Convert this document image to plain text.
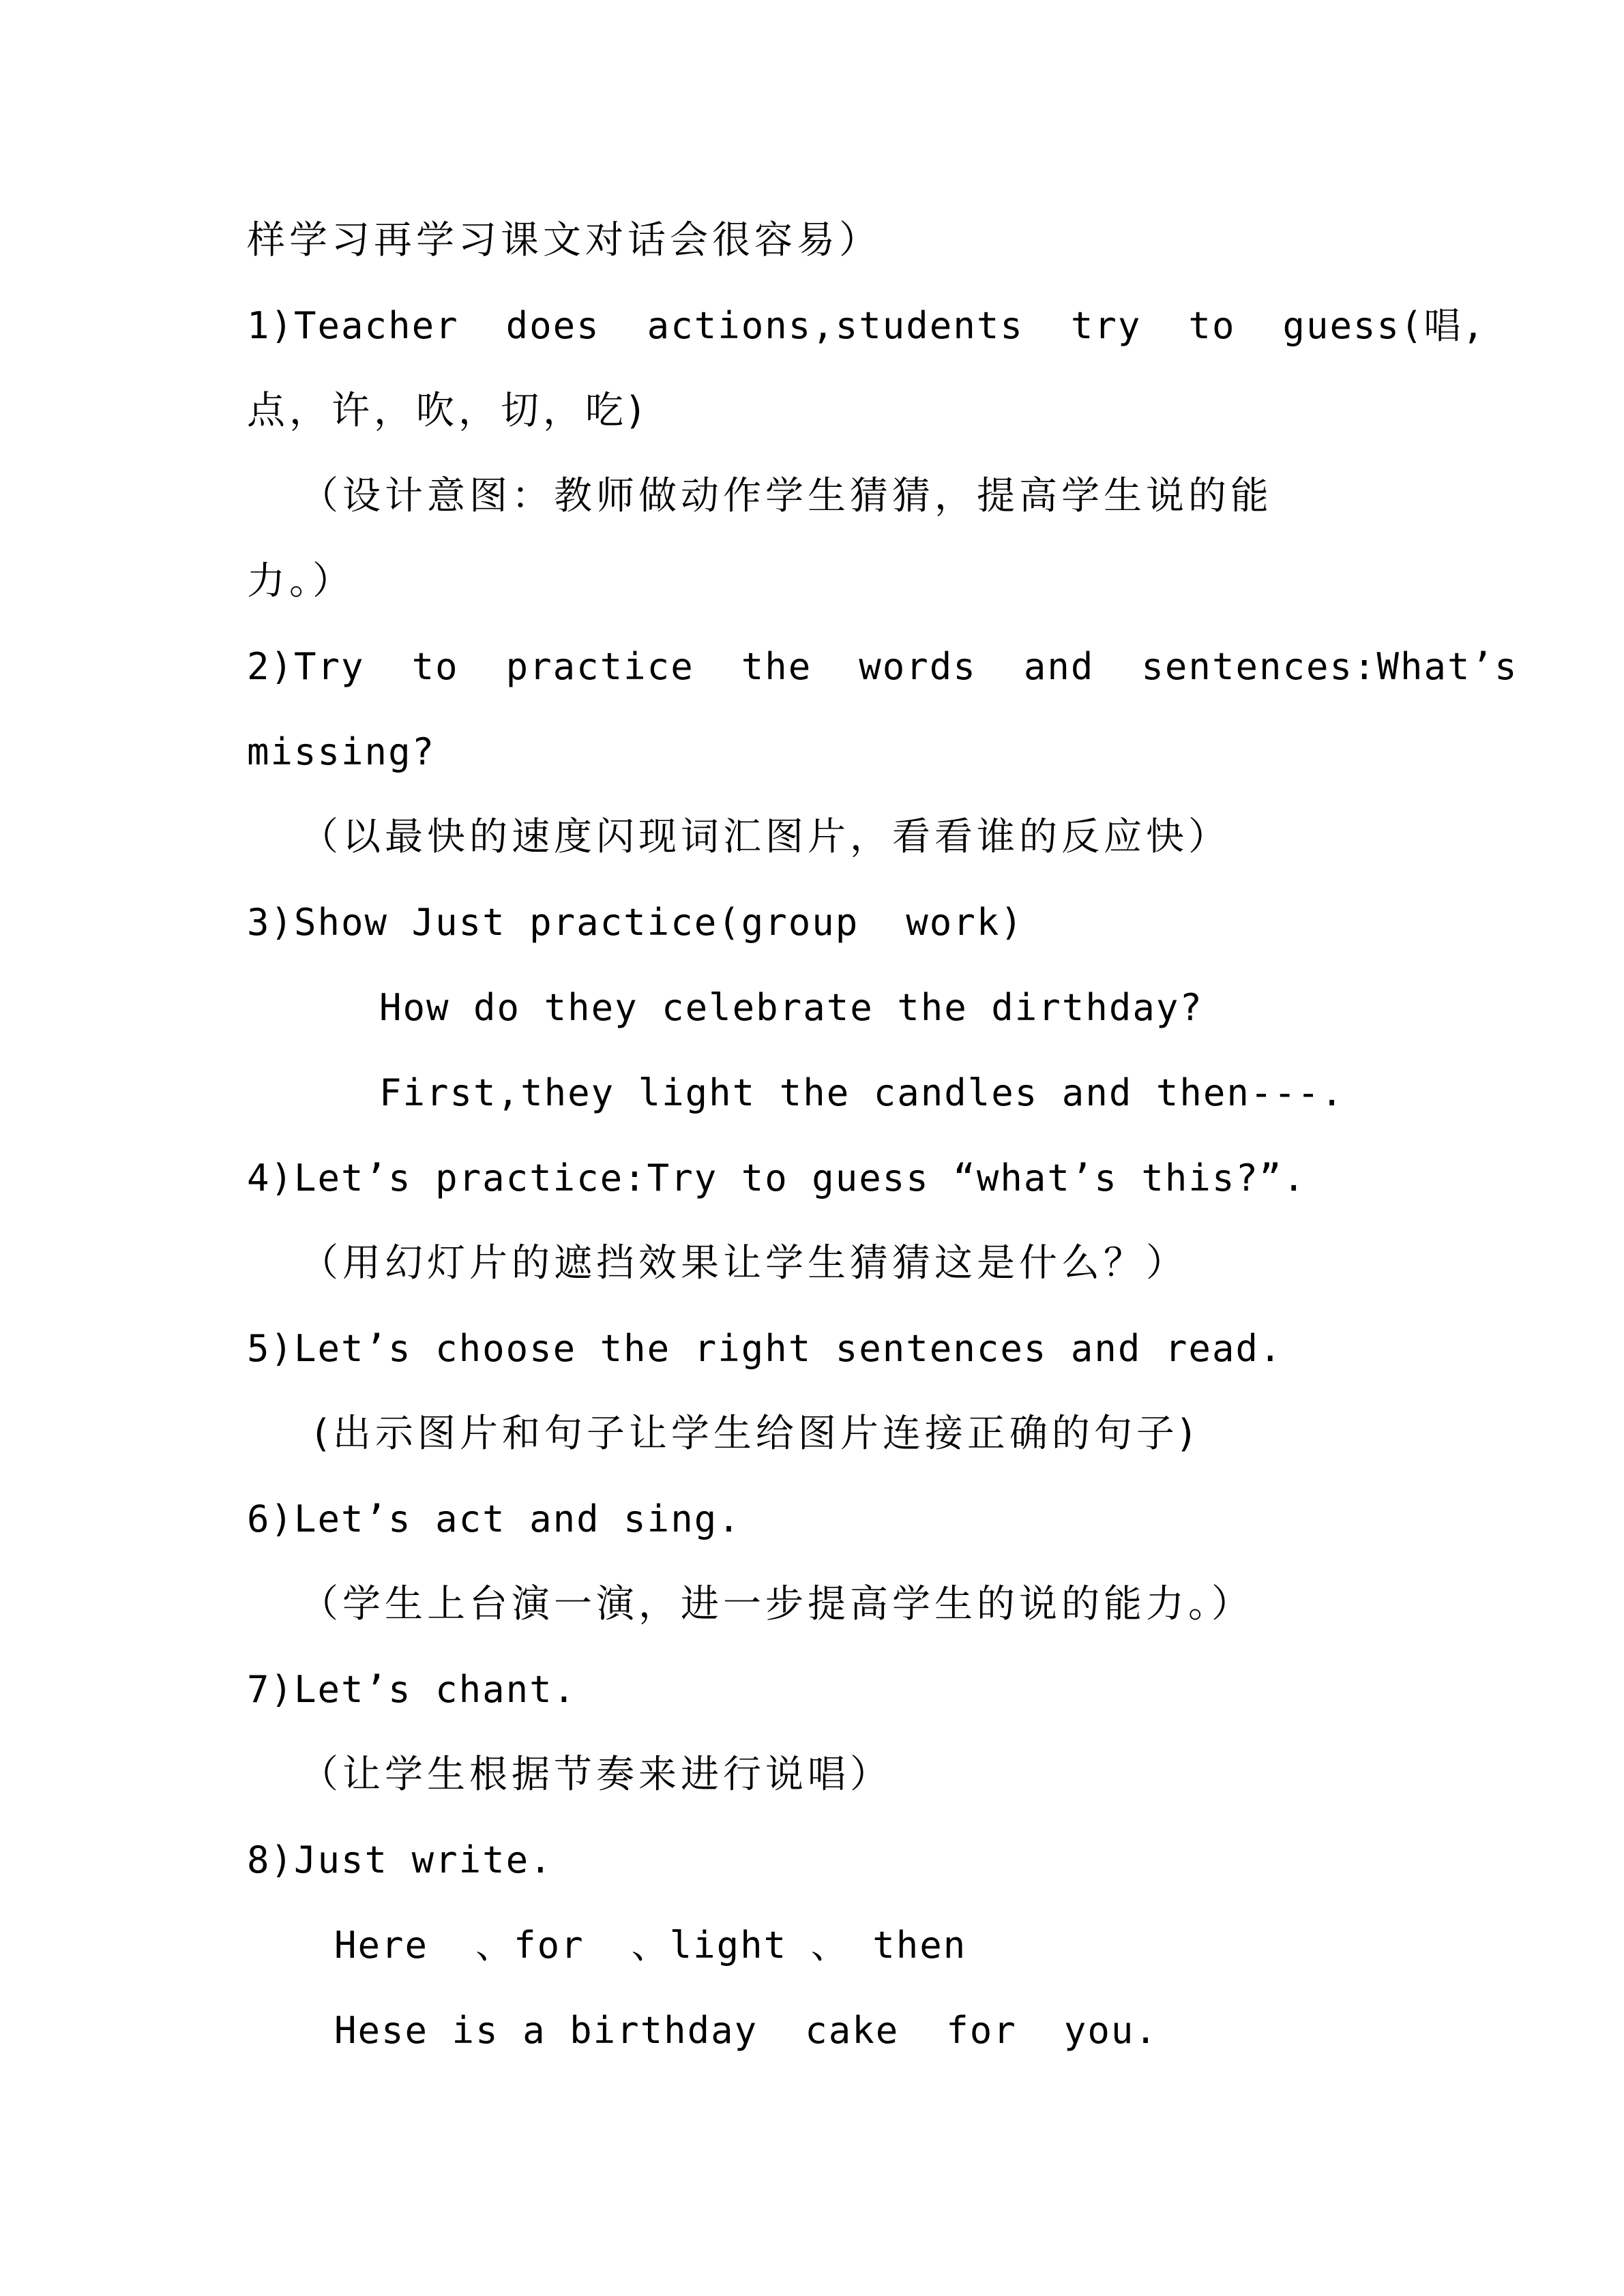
样学习再学习课文对话会很容易）
1)Teacher  does  actions,students  try  to  guess(唱,
点，许，吹，切，吃)
（设计意图：教师做动作学生猜猜，提高学生说的能
力。）
2)Try  to  practice  the  words  and  sentences:What’s
missing?
（以最快的速度闪现词汇图片，看看谁的反应快）
3)Show Just practice(group  work)
How do they celebrate the dirthday?
First,they light the candles and then---.
4)Let’s practice:Try to guess “what’s this?”.
（用幻灯片的遮挡效果让学生猜猜这是什么？）
5)Let’s choose the right sentences and read.
(出示图片和句子让学生给图片连接正确的句子)
6)Let’s act and sing.
（学生上台演一演，进一步提高学生的说的能力。）
7)Let’s chant.
（让学生根据节奏来进行说唱）
8)Just write.
Here  、for  、light 、 then
Hese is a birthday  cake  for  you.
